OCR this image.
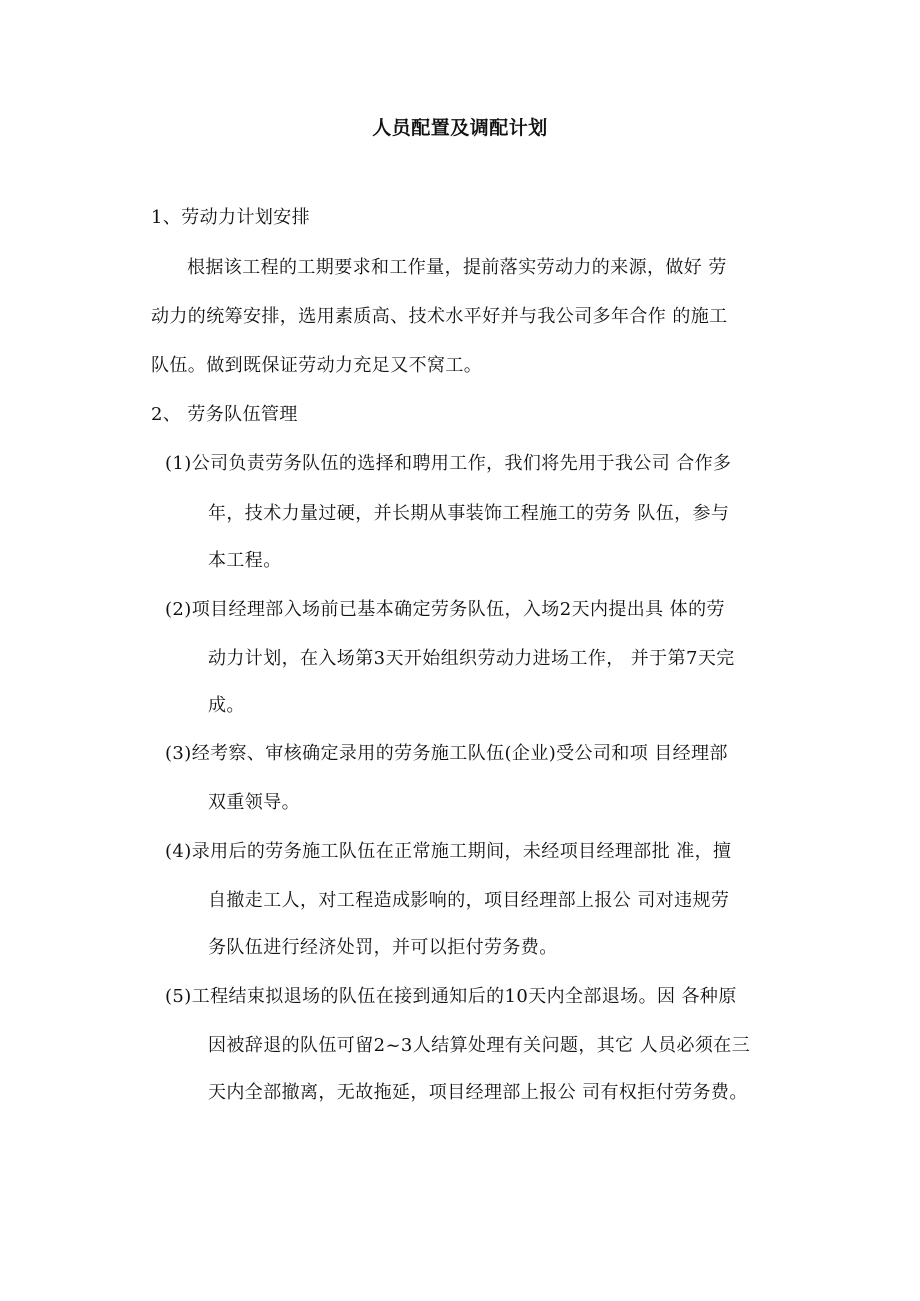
人员配置及调配计划
1、劳动力计划安排
根据该工程的工期要求和工作量，提前落实劳动力的来源，做好 劳
动力的统筹安排，选用素质高、技术水平好并与我公司多年合作 的施工
队伍。做到既保证劳动力充足又不窝工。
2、 劳务队伍管理
(1)公司负责劳务队伍的选择和聘用工作，我们将先用于我公司 合作多
年，技术力量过硬，并长期从事装饰工程施工的劳务 队伍，参与
本工程。
(2)项目经理部入场前已基本确定劳务队伍，入场2天内提出具 体的劳
动力计划，在入场第3天开始组织劳动力进场工作， 并于第7天完
成。
(3)经考察、审核确定录用的劳务施工队伍(企业)受公司和项 目经理部
双重领导。
(4)录用后的劳务施工队伍在正常施工期间，未经项目经理部批 准，擅
自撤走工人，对工程造成影响的，项目经理部上报公 司对违规劳
务队伍进行经济处罚，并可以拒付劳务费。
(5)工程结束拟退场的队伍在接到通知后的10天内全部退场。因 各种原
因被辞退的队伍可留2~3人结算处理有关问题，其它 人员必须在三
天内全部撤离，无故拖延，项目经理部上报公 司有权拒付劳务费。
